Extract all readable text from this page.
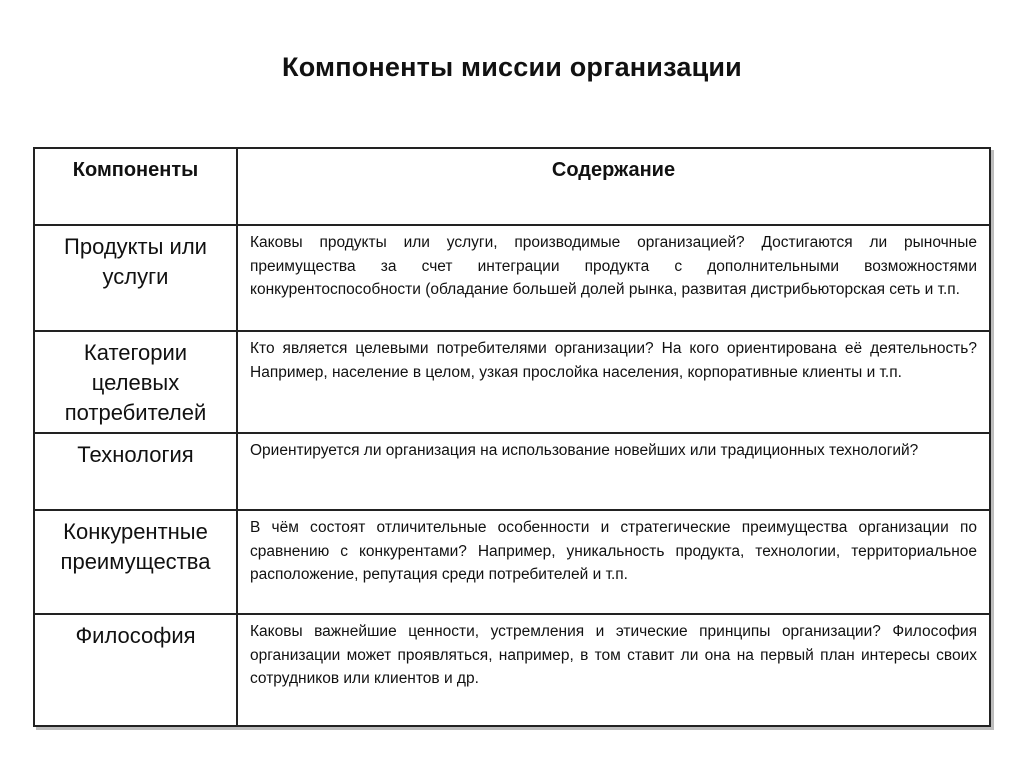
Компоненты миссии организации
Компоненты	Содержание
Продукты или услуги	Каковы продукты или услуги, производимые организацией? Достигаются ли рыночные преимущества за счет интеграции продукта с дополнительными возможностями конкурентоспособности (обладание большей долей рынка, развитая дистрибьюторская сеть и т.п.
Категории целевых потребителей	Кто является целевыми потребителями организации? На кого ориентирована её деятельность? Например, население в целом, узкая прослойка населения, корпоративные клиенты и т.п.
Технология	Ориентируется ли организация на использование новейших или традиционных технологий?
Конкурентные преимущества	В чём состоят отличительные особенности и стратегические преимущества организации по сравнению с конкурентами? Например, уникальность продукта, технологии, территориальное расположение, репутация среди потребителей и т.п.
Философия	Каковы важнейшие ценности, устремления и этические принципы организации? Философия организации может проявляться, например, в том ставит ли она на первый план интересы своих сотрудников или клиентов и др.
